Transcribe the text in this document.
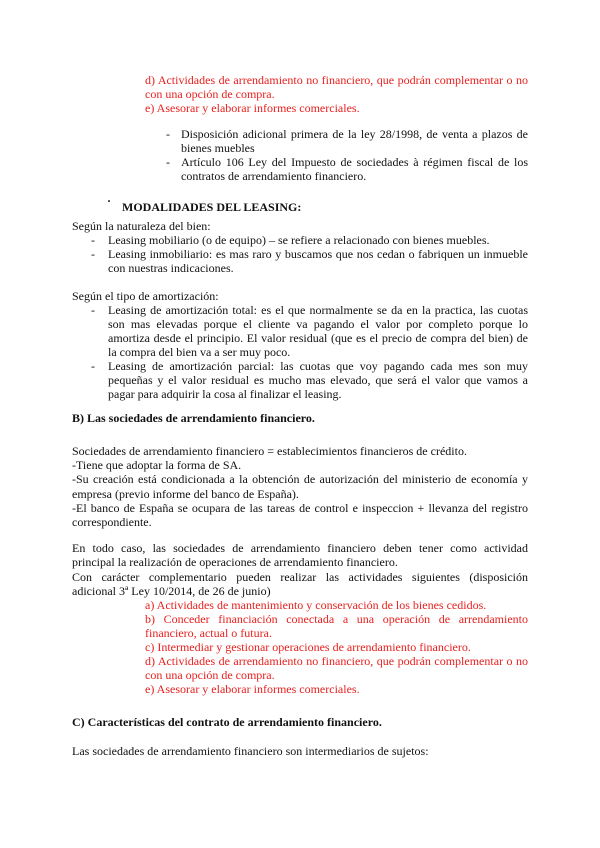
d) Actividades de arrendamiento no financiero, que podrán complementar o no
con una opción de compra.
e) Asesorar y elaborar informes comerciales.
- Disposición adicional primera de la ley 28/1998, de venta a plazos de
bienes muebles
- Artículo 106 Ley del Impuesto de sociedades à régimen fiscal de los
contratos de arrendamiento financiero.
· MODALIDADES DEL LEASING:
Según la naturaleza del bien:
- Leasing mobiliario (o de equipo) – se refiere a relacionado con bienes muebles.
- Leasing inmobiliario: es mas raro y buscamos que nos cedan o fabriquen un inmueble
con nuestras indicaciones.
Según el tipo de amortización:
- Leasing de amortización total: es el que normalmente se da en la practica, las cuotas
son mas elevadas porque el cliente va pagando el valor por completo porque lo
amortiza desde el principio. El valor residual (que es el precio de compra del bien) de
la compra del bien va a ser muy poco.
- Leasing de amortización parcial: las cuotas que voy pagando cada mes son muy
pequeñas y el valor residual es mucho mas elevado, que será el valor que vamos a
pagar para adquirir la cosa al finalizar el leasing.
B) Las sociedades de arrendamiento financiero.
Sociedades de arrendamiento financiero = establecimientos financieros de crédito.
-Tiene que adoptar la forma de SA.
-Su creación está condicionada a la obtención de autorización del ministerio de economía y
empresa (previo informe del banco de España).
-El banco de España se ocupara de las tareas de control e inspeccion + llevanza del registro
correspondiente.
En todo caso, las sociedades de arrendamiento financiero deben tener como actividad
principal la realización de operaciones de arrendamiento financiero.
Con carácter complementario pueden realizar las actividades siguientes (disposición
adicional 3ª Ley 10/2014, de 26 de junio)
a) Actividades de mantenimiento y conservación de los bienes cedidos.
b) Conceder financiación conectada a una operación de arrendamiento
financiero, actual o futura.
c) Intermediar y gestionar operaciones de arrendamiento financiero.
d) Actividades de arrendamiento no financiero, que podrán complementar o no
con una opción de compra.
e) Asesorar y elaborar informes comerciales.
C) Características del contrato de arrendamiento financiero.
Las sociedades de arrendamiento financiero son intermediarios de sujetos:
